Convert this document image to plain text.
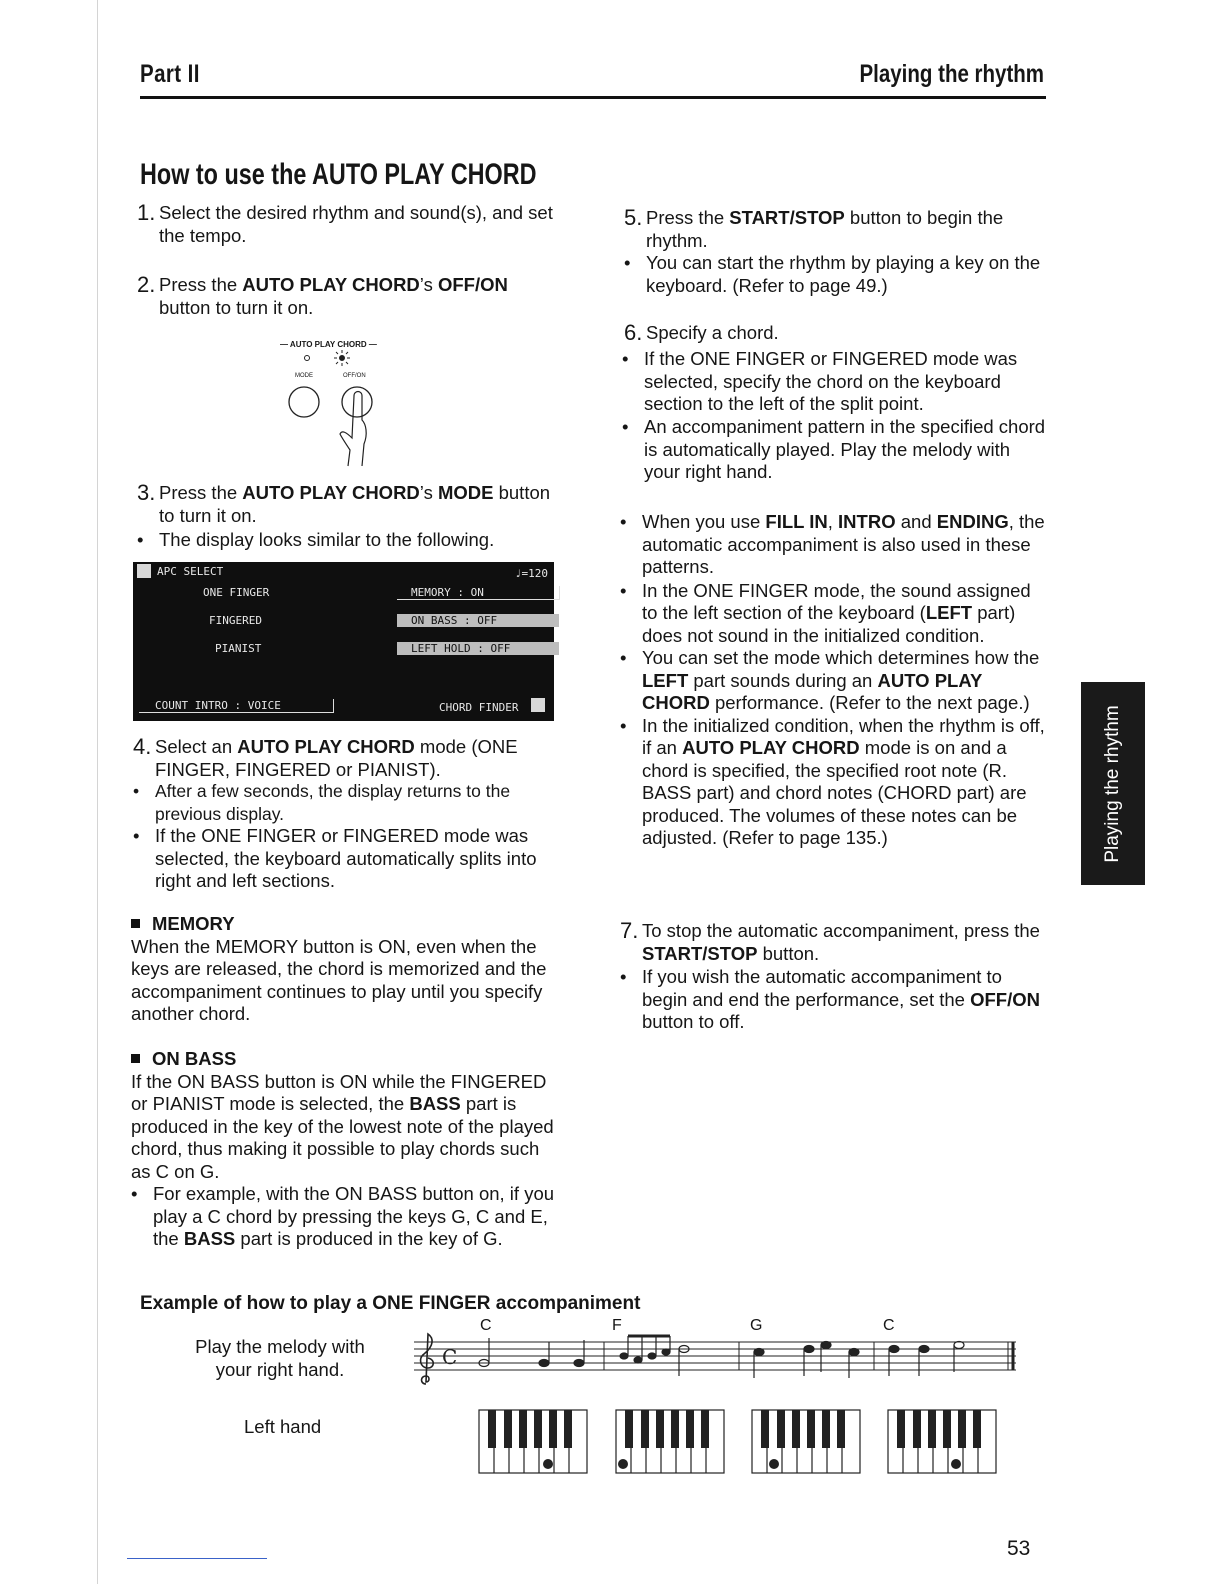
Part II	Playing the rhythm
How to use the AUTO PLAY CHORD
1. Select the desired rhythm and sound(s), and set the tempo.
2. Press the AUTO PLAY CHORD’s OFF/ON button to turn it on.
— AUTO PLAY CHORD —
MODE	OFF/ON
3. Press the AUTO PLAY CHORD’s MODE button to turn it on.
• The display looks similar to the following.
APC SELECT	♩=120
ONE FINGER
FINGERED
PIANIST
MEMORY : ON
ON BASS : OFF
LEFT HOLD : OFF
COUNT INTRO : VOICE	CHORD FINDER
4. Select an AUTO PLAY CHORD mode (ONE FINGER, FINGERED or PIANIST).
• After a few seconds, the display returns to the previous display.
• If the ONE FINGER or FINGERED mode was selected, the keyboard automatically splits into right and left sections.
MEMORY
When the MEMORY button is ON, even when the keys are released, the chord is memorized and the accompaniment continues to play until you specify another chord.
ON BASS
If the ON BASS button is ON while the FINGERED or PIANIST mode is selected, the BASS part is produced in the key of the lowest note of the played chord, thus making it possible to play chords such as C on G.
• For example, with the ON BASS button on, if you play a C chord by pressing the keys G, C and E, the BASS part is produced in the key of G.
5. Press the START/STOP button to begin the rhythm.
• You can start the rhythm by playing a key on the keyboard. (Refer to page 49.)
6. Specify a chord.
• If the ONE FINGER or FINGERED mode was selected, specify the chord on the keyboard section to the left of the split point.
• An accompaniment pattern in the specified chord is automatically played. Play the melody with your right hand.
• When you use FILL IN, INTRO and ENDING, the automatic accompaniment is also used in these patterns.
• In the ONE FINGER mode, the sound assigned to the left section of the keyboard (LEFT part) does not sound in the initialized condition.
• You can set the mode which determines how the LEFT part sounds during an AUTO PLAY CHORD performance. (Refer to the next page.)
• In the initialized condition, when the rhythm is off, if an AUTO PLAY CHORD mode is on and a chord is specified, the specified root note (R. BASS part) and chord notes (CHORD part) are produced. The volumes of these notes can be adjusted. (Refer to page 135.)
7. To stop the automatic accompaniment, press the START/STOP button.
• If you wish the automatic accompaniment to begin and end the performance, set the OFF/ON button to off.
Playing the rhythm
Example of how to play a ONE FINGER accompaniment
Play the melody with your right hand.
Left hand
C	F	G	C
C
53
